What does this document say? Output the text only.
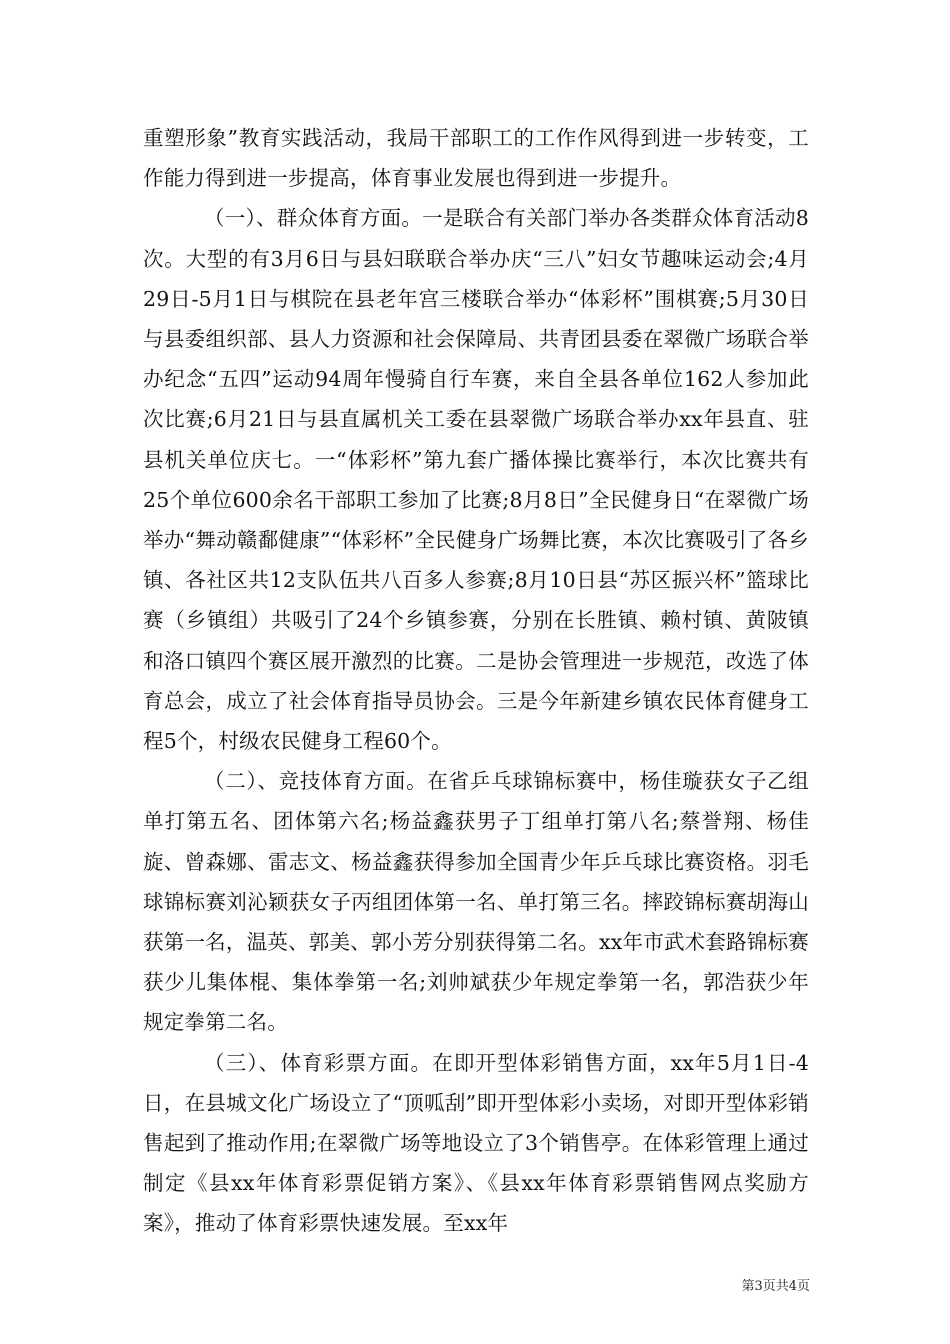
重塑形象”教育实践活动，我局干部职工的工作作风得到进一步转变，工作能力得到进一步提高，体育事业发展也得到进一步提升。

（一）、群众体育方面。一是联合有关部门举办各类群众体育活动8次。大型的有3月6日与县妇联联合举办庆“三八”妇女节趣味运动会;4月29日-5月1日与棋院在县老年宫三楼联合举办“体彩杯”围棋赛;5月30日与县委组织部、县人力资源和社会保障局、共青团县委在翠微广场联合举办纪念“五四”运动94周年慢骑自行车赛，来自全县各单位162人参加此次比赛;6月21日与县直属机关工委在县翠微广场联合举办xx年县直、驻县机关单位庆七。一“体彩杯”第九套广播体操比赛举行，本次比赛共有25个单位600余名干部职工参加了比赛;8月8日”全民健身日“在翠微广场举办“舞动赣鄱健康”“体彩杯”全民健身广场舞比赛，本次比赛吸引了各乡镇、各社区共12支队伍共八百多人参赛;8月10日县“苏区振兴杯”篮球比赛（乡镇组）共吸引了24个乡镇参赛，分别在长胜镇、赖村镇、黄陂镇和洛口镇四个赛区展开激烈的比赛。二是协会管理进一步规范，改选了体育总会，成立了社会体育指导员协会。三是今年新建乡镇农民体育健身工程5个，村级农民健身工程60个。

（二）、竞技体育方面。在省乒乓球锦标赛中，杨佳璇获女子乙组单打第五名、团体第六名;杨益鑫获男子丁组单打第八名;蔡誉翔、杨佳旋、曾森娜、雷志文、杨益鑫获得参加全国青少年乒乓球比赛资格。羽毛球锦标赛刘沁颖获女子丙组团体第一名、单打第三名。摔跤锦标赛胡海山获第一名，温英、郭美、郭小芳分别获得第二名。xx年市武术套路锦标赛获少儿集体棍、集体拳第一名;刘帅斌获少年规定拳第一名，郭浩获少年规定拳第二名。

（三）、体育彩票方面。在即开型体彩销售方面，xx年5月1日-4日，在县城文化广场设立了“顶呱刮”即开型体彩小卖场，对即开型体彩销售起到了推动作用;在翠微广场等地设立了3个销售亭。在体彩管理上通过制定《县xx年体育彩票促销方案》、《县xx年体育彩票销售网点奖励方案》，推动了体育彩票快速发展。至xx年

第3页共4页
